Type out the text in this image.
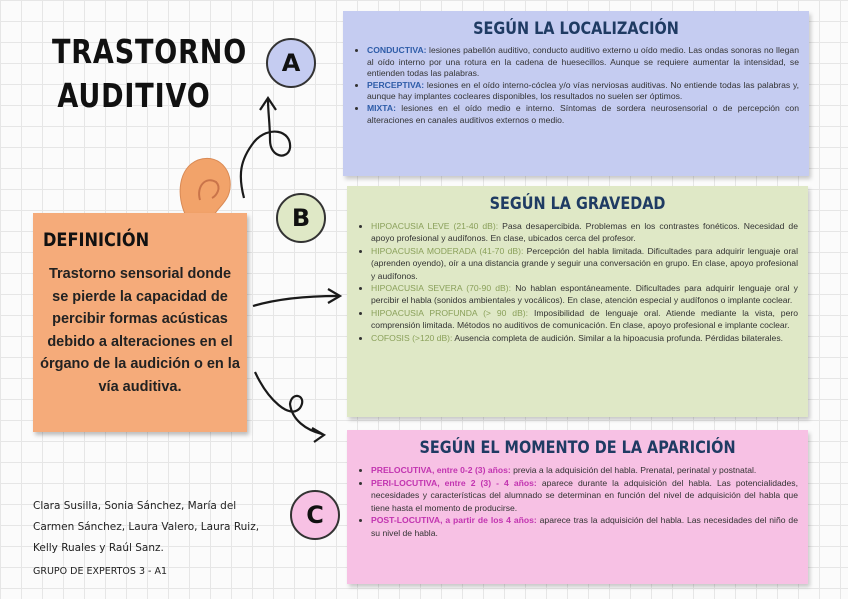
TRASTORNO
AUDITIVO
A
B
C
DEFINICIÓN
Trastorno sensorial donde se pierde la capacidad de percibir formas acústicas debido a alteraciones en el órgano de la audición o en la vía auditiva.
SEGÚN LA LOCALIZACIÓN
• CONDUCTIVA: lesiones pabellón auditivo, conducto auditivo externo u oído medio. Las ondas sonoras no llegan al oído interno por una rotura en la cadena de huesecillos. Aunque se requiere aumentar la intensidad, se entienden todas las palabras.
• PERCEPTIVA: lesiones en el oído interno-cóclea y/o vías nerviosas auditivas. No entiende todas las palabras y, aunque hay implantes cocleares disponibles, los resultados no suelen ser óptimos.
• MIXTA: lesiones en el oído medio e interno. Síntomas de sordera neurosensorial o de percepción con alteraciones en canales auditivos externos o medio.
SEGÚN LA GRAVEDAD
• HIPOACUSIA LEVE (21-40 dB): Pasa desapercibida. Problemas en los contrastes fonéticos. Necesidad de apoyo profesional y audífonos. En clase, ubicados cerca del profesor.
• HIPOACUSIA MODERADA (41-70 dB): Percepción del habla limitada. Dificultades para adquirir lenguaje oral (aprenden oyendo), oír a una distancia grande y seguir una conversación en grupo. En clase, apoyo profesional y audífonos.
• HIPOACUSIA SEVERA (70-90 dB): No hablan espontáneamente. Dificultades para adquirir lenguaje oral y percibir el habla (sonidos ambientales y vocálicos). En clase, atención especial y audífonos o implante coclear.
• HIPOACUSIA PROFUNDA (> 90 dB): Imposibilidad de lenguaje oral. Atiende mediante la vista, pero comprensión limitada. Métodos no auditivos de comunicación. En clase, apoyo profesional e implante coclear.
• COFOSIS (>120 dB): Ausencia completa de audición. Similar a la hipoacusia profunda. Pérdidas bilaterales.
SEGÚN EL MOMENTO DE LA APARICIÓN
• PRELOCUTIVA, entre 0-2 (3) años: previa a la adquisición del habla. Prenatal, perinatal y postnatal.
• PERI-LOCUTIVA, entre 2 (3) - 4 años: aparece durante la adquisición del habla. Las potencialidades, necesidades y características del alumnado se determinan en función del nivel de adquisición del habla que tiene hasta el momento de producirse.
• POST-LOCUTIVA, a partir de los 4 años: aparece tras la adquisición del habla. Las necesidades del niño de su nivel de habla.
Clara Susilla, Sonia Sánchez, María del
Carmen Sánchez, Laura Valero, Laura Ruiz,
Kelly Ruales y Raúl Sanz.
GRUPO DE EXPERTOS 3 - A1
